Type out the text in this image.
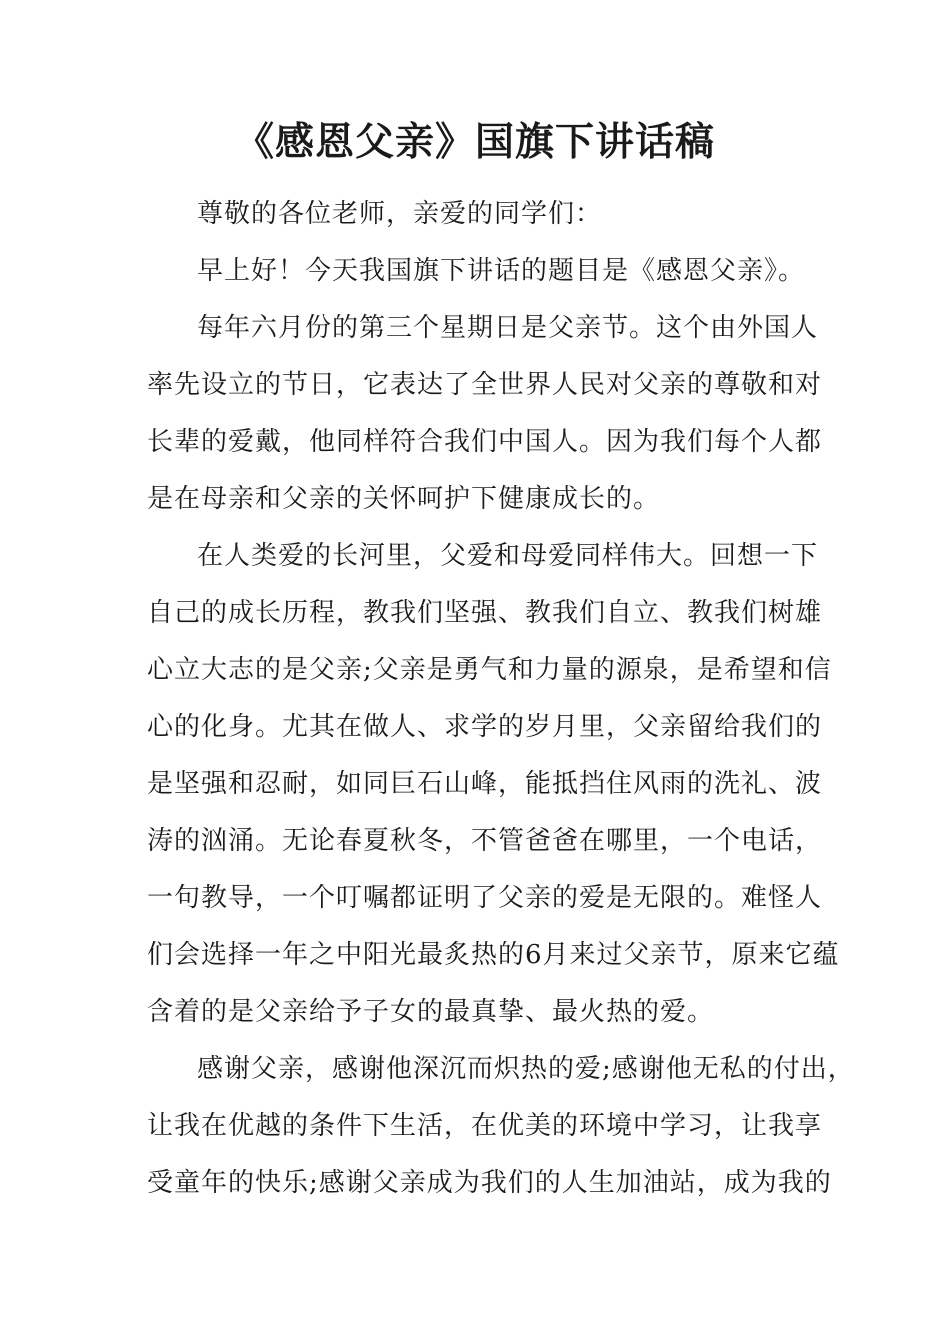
《感恩父亲》国旗下讲话稿
尊敬的各位老师，亲爱的同学们：
早上好！今天我国旗下讲话的题目是《感恩父亲》。
每年六月份的第三个星期日是父亲节。这个由外国人
率先设立的节日，它表达了全世界人民对父亲的尊敬和对
长辈的爱戴，他同样符合我们中国人。因为我们每个人都
是在母亲和父亲的关怀呵护下健康成长的。
在人类爱的长河里，父爱和母爱同样伟大。回想一下
自己的成长历程，教我们坚强、教我们自立、教我们树雄
心立大志的是父亲;父亲是勇气和力量的源泉，是希望和信
心的化身。尤其在做人、求学的岁月里，父亲留给我们的
是坚强和忍耐，如同巨石山峰，能抵挡住风雨的洗礼、波
涛的汹涌。无论春夏秋冬，不管爸爸在哪里，一个电话，
一句教导，一个叮嘱都证明了父亲的爱是无限的。难怪人
们会选择一年之中阳光最炙热的6月来过父亲节，原来它蕴
含着的是父亲给予子女的最真挚、最火热的爱。
感谢父亲，感谢他深沉而炽热的爱;感谢他无私的付出，
让我在优越的条件下生活，在优美的环境中学习，让我享
受童年的快乐;感谢父亲成为我们的人生加油站，成为我的
